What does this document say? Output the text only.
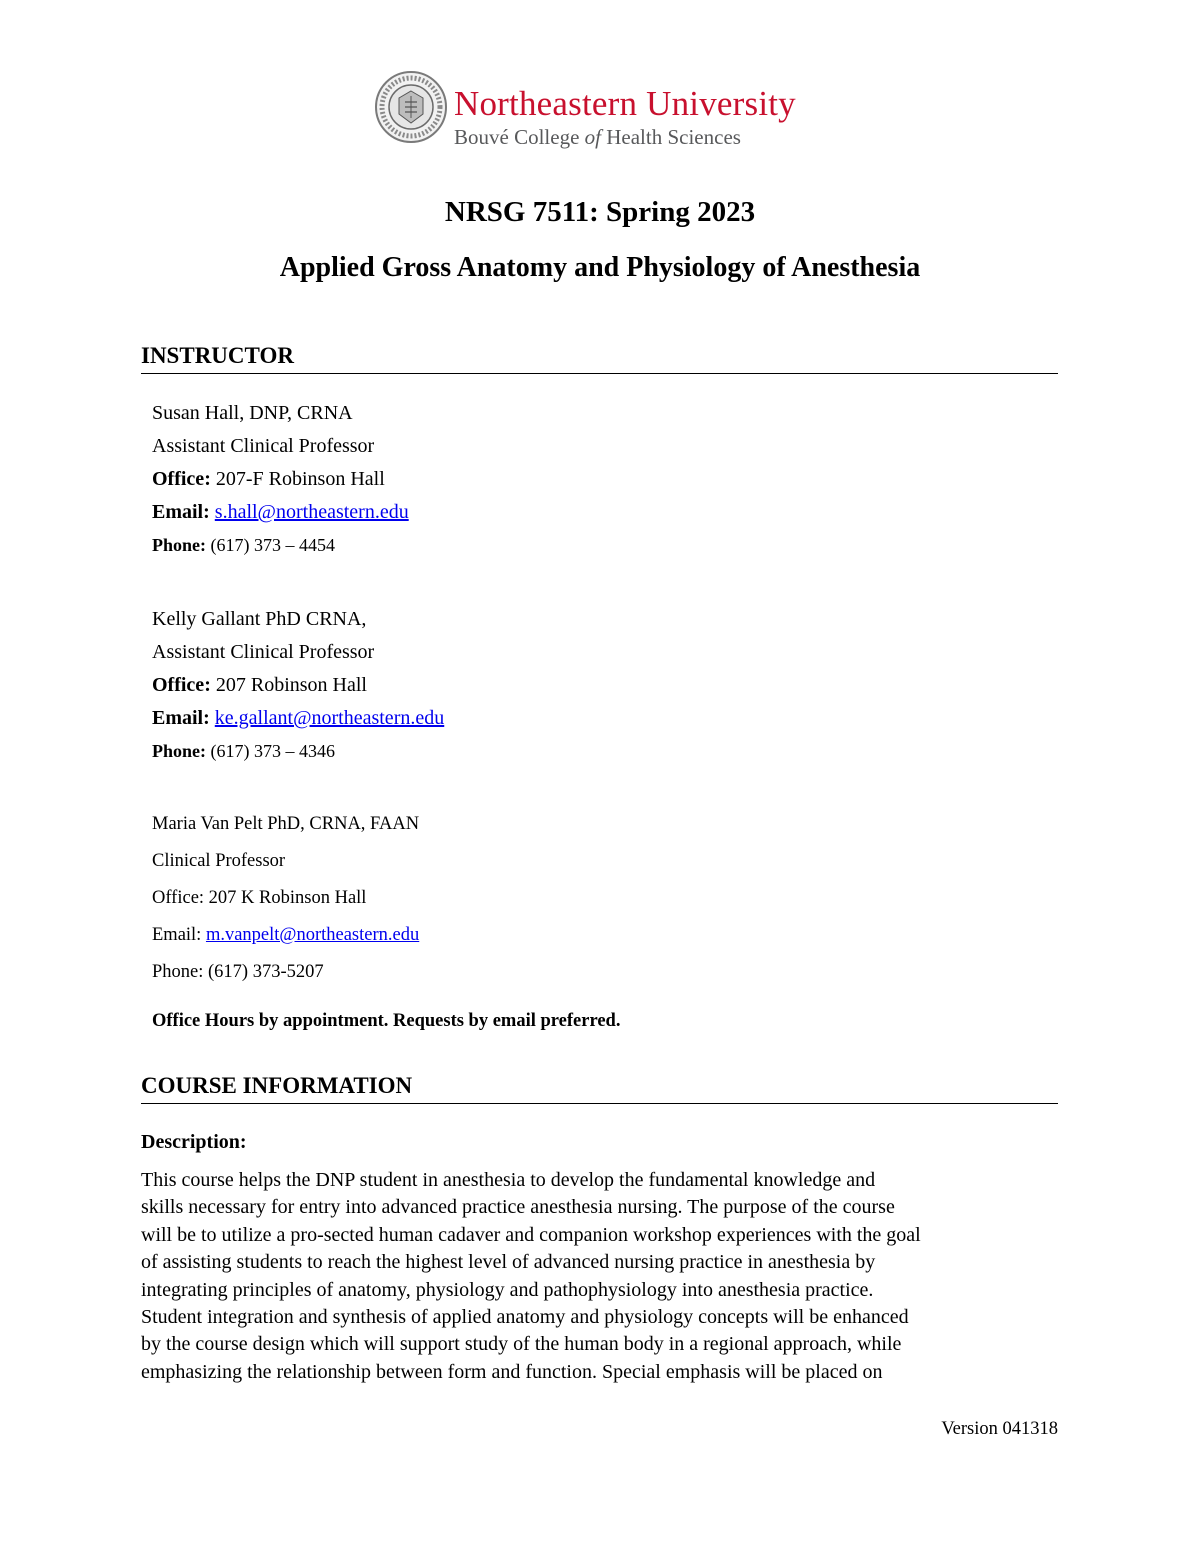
Northeastern University
Bouvé College of Health Sciences
NRSG 7511: Spring 2023
Applied Gross Anatomy and Physiology of Anesthesia
INSTRUCTOR
Susan Hall, DNP, CRNA
Assistant Clinical Professor
Office: 207-F Robinson Hall
Email: s.hall@northeastern.edu
Phone: (617) 373 – 4454
Kelly Gallant PhD CRNA,
Assistant Clinical Professor
Office: 207 Robinson Hall
Email: ke.gallant@northeastern.edu
Phone: (617) 373 – 4346
Maria Van Pelt PhD, CRNA, FAAN
Clinical Professor
Office: 207 K Robinson Hall
Email: m.vanpelt@northeastern.edu
Phone: (617) 373-5207
Office Hours by appointment. Requests by email preferred.
COURSE INFORMATION
Description:
This course helps the DNP student in anesthesia to develop the fundamental knowledge and
skills necessary for entry into advanced practice anesthesia nursing. The purpose of the course
will be to utilize a pro-sected human cadaver and companion workshop experiences with the goal
of assisting students to reach the highest level of advanced nursing practice in anesthesia by
integrating principles of anatomy, physiology and pathophysiology into anesthesia practice.
Student integration and synthesis of applied anatomy and physiology concepts will be enhanced
by the course design which will support study of the human body in a regional approach, while
emphasizing the relationship between form and function. Special emphasis will be placed on
Version 041318
